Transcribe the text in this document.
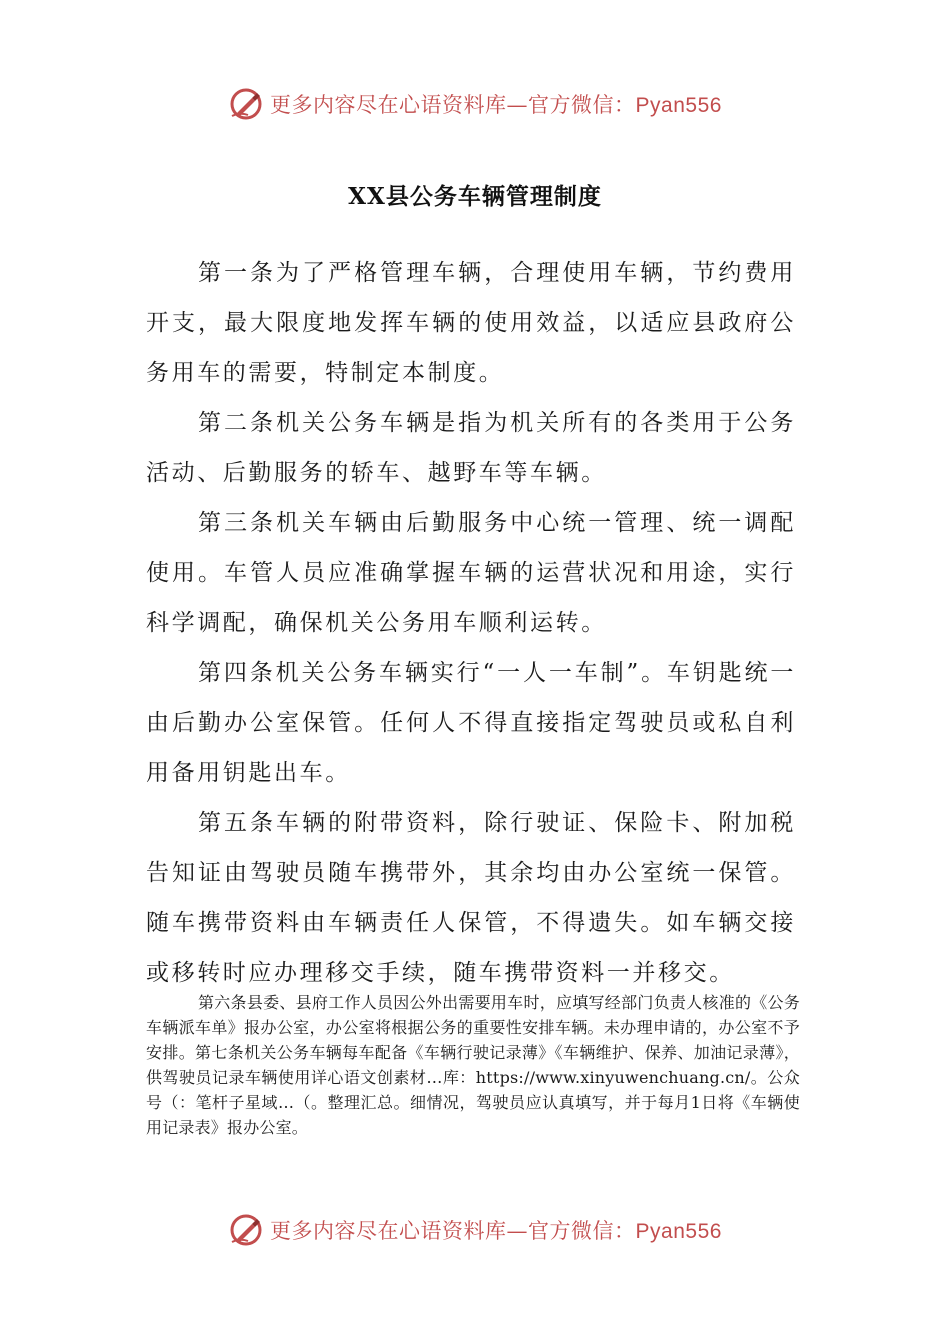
更多内容尽在心语资料库—官方微信：Pyan556
XX县公务车辆管理制度

第一条为了严格管理车辆，合理使用车辆，节约费用开支，最大限度地发挥车辆的使用效益，以适应县政府公务用车的需要，特制定本制度。

第二条机关公务车辆是指为机关所有的各类用于公务活动、后勤服务的轿车、越野车等车辆。

第三条机关车辆由后勤服务中心统一管理、统一调配使用。车管人员应准确掌握车辆的运营状况和用途，实行科学调配，确保机关公务用车顺利运转。

第四条机关公务车辆实行“一人一车制”。车钥匙统一由后勤办公室保管。任何人不得直接指定驾驶员或私自利用备用钥匙出车。

第五条车辆的附带资料，除行驶证、保险卡、附加税告知证由驾驶员随车携带外，其余均由办公室统一保管。随车携带资料由车辆责任人保管，不得遗失。如车辆交接或移转时应办理移交手续，随车携带资料一并移交。

第六条县委、县府工作人员因公外出需要用车时，应填写经部门负责人核准的《公务车辆派车单》报办公室，办公室将根据公务的重要性安排车辆。未办理申请的，办公室不予安排。第七条机关公务车辆每车配备《车辆行驶记录薄》《车辆维护、保养、加油记录薄》，供驾驶员记录车辆使用详心语文创素材…库：https://www.xinyuwenchuang.cn/。公众号（：笔杆子星域…（。整理汇总。细情况，驾驶员应认真填写，并于每月1日将《车辆使用记录表》报办公室。

更多内容尽在心语资料库—官方微信：Pyan556
